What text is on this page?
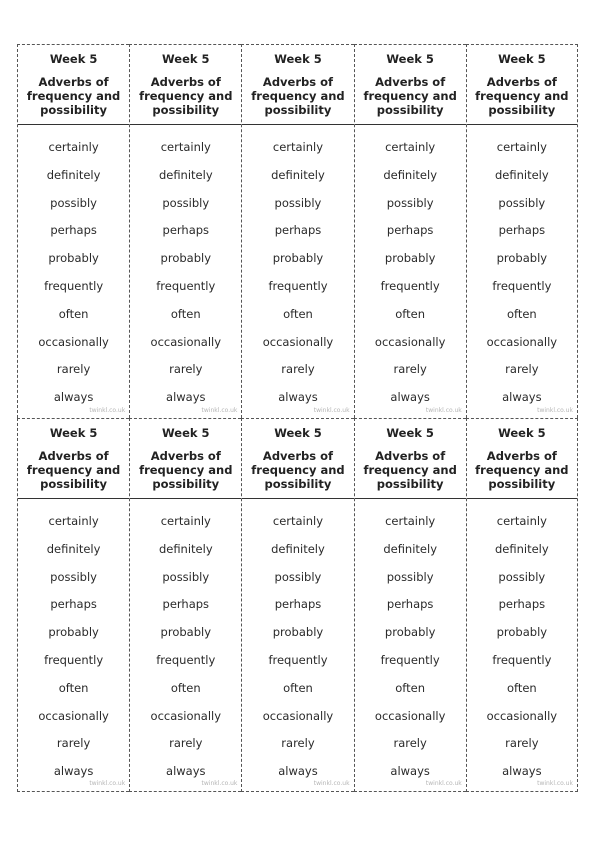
Week 5
Adverbs of frequency and possibility
certainly
definitely
possibly
perhaps
probably
frequently
often
occasionally
rarely
always
twinkl.co.uk
Week 5
Adverbs of frequency and possibility
certainly
definitely
possibly
perhaps
probably
frequently
often
occasionally
rarely
always
twinkl.co.uk
Week 5
Adverbs of frequency and possibility
certainly
definitely
possibly
perhaps
probably
frequently
often
occasionally
rarely
always
twinkl.co.uk
Week 5
Adverbs of frequency and possibility
certainly
definitely
possibly
perhaps
probably
frequently
often
occasionally
rarely
always
twinkl.co.uk
Week 5
Adverbs of frequency and possibility
certainly
definitely
possibly
perhaps
probably
frequently
often
occasionally
rarely
always
twinkl.co.uk
Week 5
Adverbs of frequency and possibility
certainly
definitely
possibly
perhaps
probably
frequently
often
occasionally
rarely
always
twinkl.co.uk
Week 5
Adverbs of frequency and possibility
certainly
definitely
possibly
perhaps
probably
frequently
often
occasionally
rarely
always
twinkl.co.uk
Week 5
Adverbs of frequency and possibility
certainly
definitely
possibly
perhaps
probably
frequently
often
occasionally
rarely
always
twinkl.co.uk
Week 5
Adverbs of frequency and possibility
certainly
definitely
possibly
perhaps
probably
frequently
often
occasionally
rarely
always
twinkl.co.uk
Week 5
Adverbs of frequency and possibility
certainly
definitely
possibly
perhaps
probably
frequently
often
occasionally
rarely
always
twinkl.co.uk
